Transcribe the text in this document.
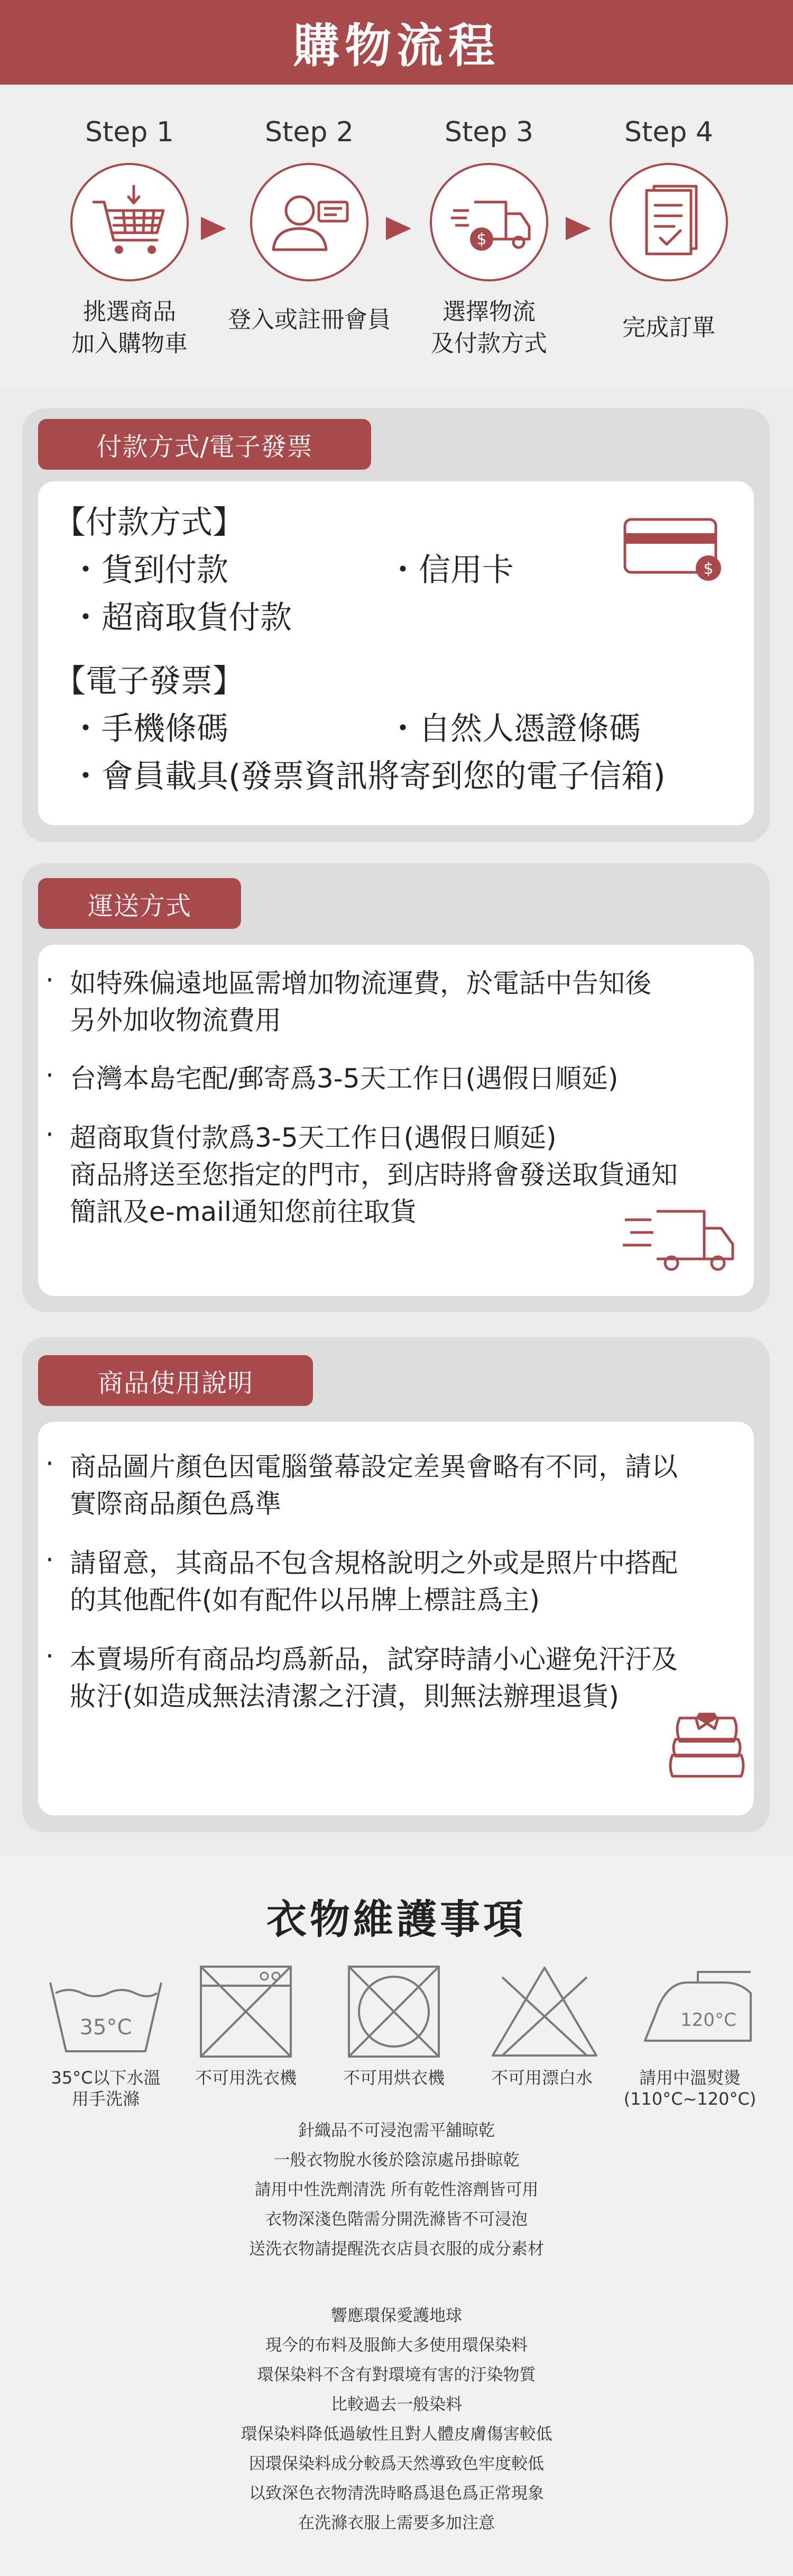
購物流程
Step 1
挑選商品
加入購物車
Step 2
登入或註冊會員
Step 3
$
選擇物流
及付款方式
Step 4
完成訂單
付款方式/電子發票
【付款方式】
・貨到付款	・信用卡
・超商取貨付款
【電子發票】
・手機條碼	・自然人憑證條碼
・會員載具(發票資訊將寄到您的電子信箱)
$
運送方式
· 如特殊偏遠地區需增加物流運費，於電話中告知後
另外加收物流費用
· 台灣本島宅配/郵寄爲3-5天工作日(遇假日順延)
· 超商取貨付款爲3-5天工作日(遇假日順延)
商品將送至您指定的門市，到店時將會發送取貨通知
簡訊及e-mail通知您前往取貨
商品使用說明
· 商品圖片顏色因電腦螢幕設定差異會略有不同，請以
實際商品顏色爲準
· 請留意，其商品不包含規格說明之外或是照片中搭配
的其他配件(如有配件以吊牌上標註爲主)
· 本賣場所有商品均爲新品，試穿時請小心避免汗汙及
妝汙(如造成無法清潔之汙漬，則無法辦理退貨)
衣物維護事項
35°C	120°C
35°C以下水溫
用手洗滌
不可用洗衣機	不可用烘衣機	不可用漂白水	請用中溫熨燙
(110°C~120°C)
針織品不可浸泡需平舖晾乾
一般衣物脫水後於陰涼處吊掛晾乾
請用中性洗劑清洗 所有乾性溶劑皆可用
衣物深淺色階需分開洗滌皆不可浸泡
送洗衣物請提醒洗衣店員衣服的成分素材
響應環保愛護地球
現今的布料及服飾大多使用環保染料
環保染料不含有對環境有害的汙染物質
比較過去一般染料
環保染料降低過敏性且對人體皮膚傷害較低
因環保染料成分較爲天然導致色牢度較低
以致深色衣物清洗時略爲退色爲正常現象
在洗滌衣服上需要多加注意
